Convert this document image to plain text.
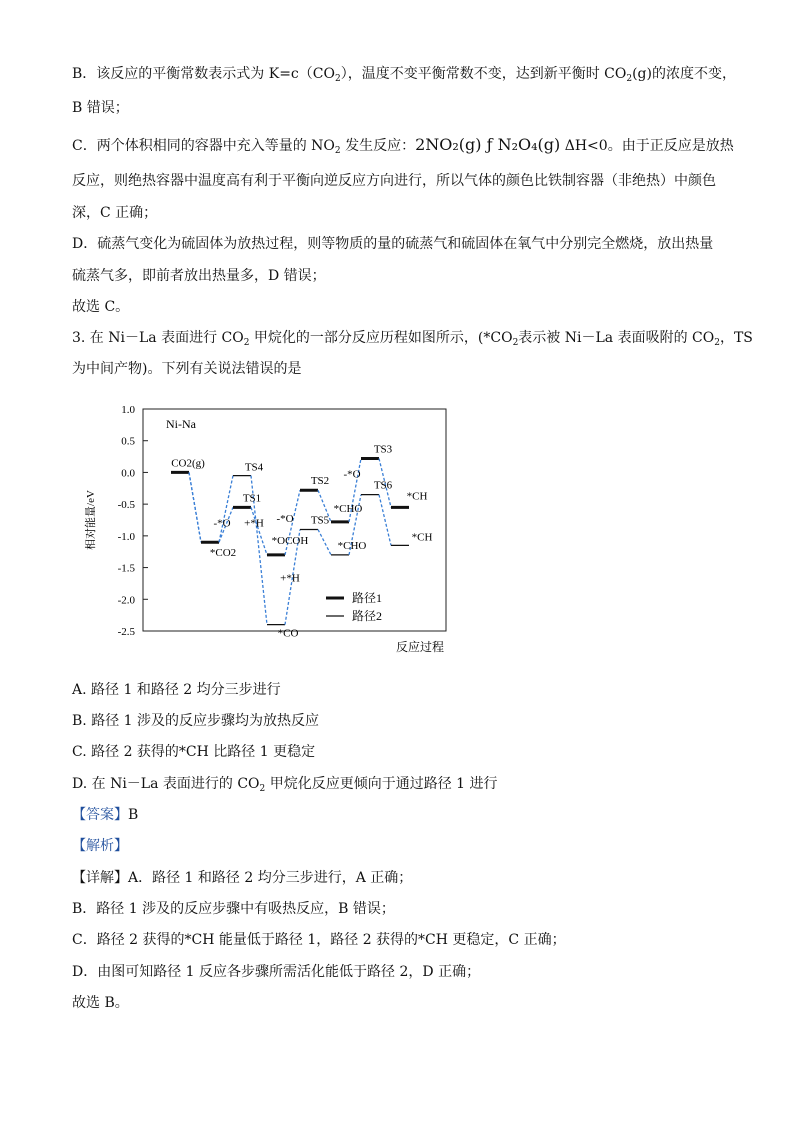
B．该反应的平衡常数表示式为 $K=c(CO_2)$，温度不变平衡常数不变，达到新平衡时 $CO_2(g)$的浓度不变，
B 错误；
C．两个体积相同的容器中充入等量的 $NO_2$ 发生反应：2NO₂(g) ƒ N₂O₄(g) ΔH<0。由于正反应是放热
反应，则绝热容器中温度高有利于平衡向逆反应方向进行，所以气体的颜色比铁制容器（非绝热）中颜色
深，C 正确；
D．硫蒸气变化为硫固体为放热过程，则等物质的量的硫蒸气和硫固体在氧气中分别完全燃烧，放出热量
硫蒸气多，即前者放出热量多，D 错误；
故选 C。
3. 在 Ni－La 表面进行 $CO_2$ 甲烷化的一部分反应历程如图所示，($*CO_2$表示被 Ni－La 表面吸附的 $CO_2$，TS
为中间产物)。下列有关说法错误的是
1.0
0.5
0.0
-0.5
-1.0
-1.5
-2.0
-2.5
相对能量/eV
反应过程
Ni-Na
CO2(g)
*CO2
TS4
TS1
*OCOH
*CO
TS2
TS5
*CHO
*CHO
TS3
TS6
*CH
*CH
-*O +*H -*O
+*H
-*O
路径1
路径2
A. 路径 1 和路径 2 均分三步进行
B. 路径 1 涉及的反应步骤均为放热反应
C. 路径 2 获得的*CH 比路径 1 更稳定
D. 在 Ni－La 表面进行的 $CO_2$ 甲烷化反应更倾向于通过路径 1 进行
【答案】B
【解析】
【详解】A．路径 1 和路径 2 均分三步进行，A 正确；
B．路径 1 涉及的反应步骤中有吸热反应，B 错误；
C．路径 2 获得的*CH 能量低于路径 1，路径 2 获得的*CH 更稳定，C 正确；
D．由图可知路径 1 反应各步骤所需活化能低于路径 2，D 正确；
故选 B。
